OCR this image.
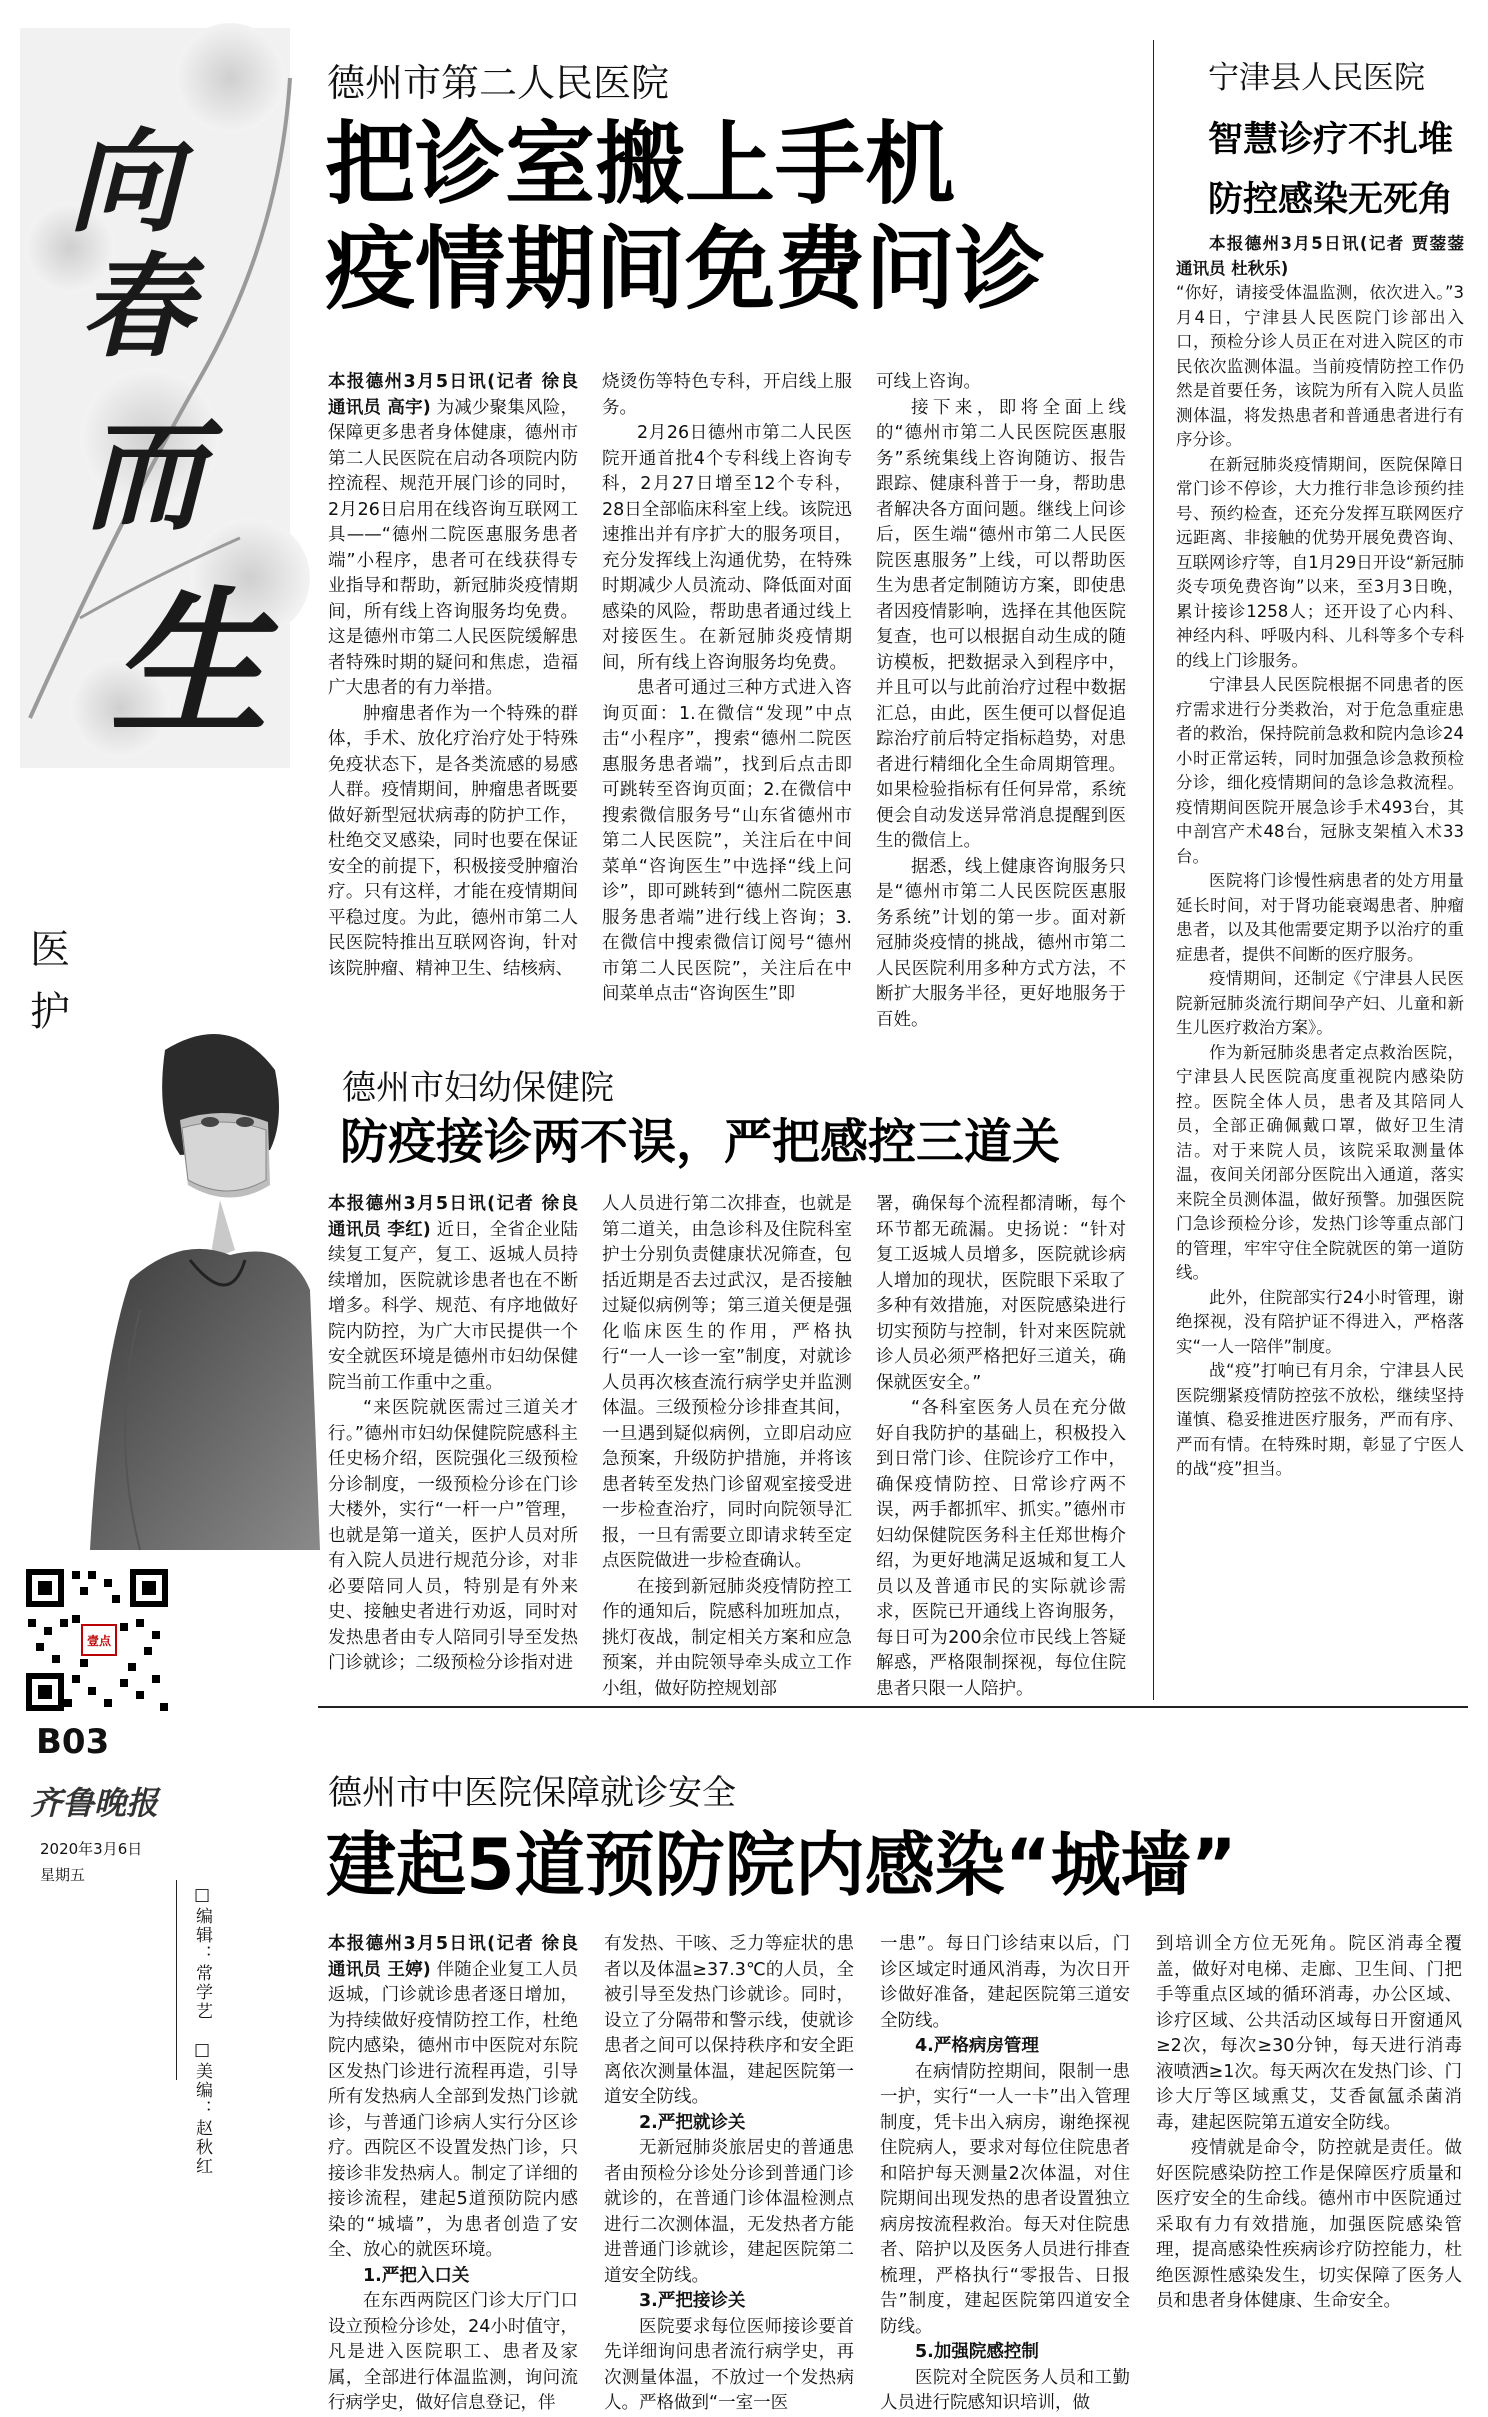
向
春
而
生
医
护
壹点
B03
齐鲁晚报
2020年3月6日
星期五
□编辑：常学艺
□美编：赵秋红
德州市第二人民医院
把诊室搬上手机
疫情期间免费问诊

本报德州3月5日讯(记者 徐良 通讯员 高宇) 为减少聚集风险，保障更多患者身体健康，德州市第二人民医院在启动各项院内防控流程、规范开展门诊的同时，2月26日启用在线咨询互联网工具——“德州二院医惠服务患者端”小程序，患者可在线获得专业指导和帮助，新冠肺炎疫情期间，所有线上咨询服务均免费。这是德州市第二人民医院缓解患者特殊时期的疑问和焦虑，造福广大患者的有力举措。

肿瘤患者作为一个特殊的群体，手术、放化疗治疗处于特殊免疫状态下，是各类流感的易感人群。疫情期间，肿瘤患者既要做好新型冠状病毒的防护工作，杜绝交叉感染，同时也要在保证安全的前提下，积极接受肿瘤治疗。只有这样，才能在疫情期间平稳过度。为此，德州市第二人民医院特推出互联网咨询，针对该院肿瘤、精神卫生、结核病、

烧烫伤等特色专科，开启线上服务。

2月26日德州市第二人民医院开通首批4个专科线上咨询专科，2月27日增至12个专科，28日全部临床科室上线。该院迅速推出并有序扩大的服务项目，充分发挥线上沟通优势，在特殊时期减少人员流动、降低面对面感染的风险，帮助患者通过线上对接医生。在新冠肺炎疫情期间，所有线上咨询服务均免费。

患者可通过三种方式进入咨询页面：1.在微信“发现”中点击“小程序”，搜索“德州二院医惠服务患者端”，找到后点击即可跳转至咨询页面；2.在微信中搜索微信服务号“山东省德州市第二人民医院”，关注后在中间菜单“咨询医生”中选择“线上问诊”，即可跳转到“德州二院医惠服务患者端”进行线上咨询；3.在微信中搜索微信订阅号“德州市第二人民医院”，关注后在中间菜单点击“咨询医生”即

可线上咨询。

接下来，即将全面上线的“德州市第二人民医院医惠服务”系统集线上咨询随访、报告跟踪、健康科普于一身，帮助患者解决各方面问题。继线上问诊后，医生端“德州市第二人民医院医惠服务”上线，可以帮助医生为患者定制随访方案，即使患者因疫情影响，选择在其他医院复查，也可以根据自动生成的随访模板，把数据录入到程序中，并且可以与此前治疗过程中数据汇总，由此，医生便可以督促追踪治疗前后特定指标趋势，对患者进行精细化全生命周期管理。如果检验指标有任何异常，系统便会自动发送异常消息提醒到医生的微信上。

据悉，线上健康咨询服务只是“德州市第二人民医院医惠服务系统”计划的第一步。面对新冠肺炎疫情的挑战，德州市第二人民医院利用多种方式方法，不断扩大服务半径，更好地服务于百姓。

德州市妇幼保健院
防疫接诊两不误，严把感控三道关

本报德州3月5日讯(记者 徐良 通讯员 李红) 近日，全省企业陆续复工复产，复工、返城人员持续增加，医院就诊患者也在不断增多。科学、规范、有序地做好院内防控，为广大市民提供一个安全就医环境是德州市妇幼保健院当前工作重中之重。

“来医院就医需过三道关才行。”德州市妇幼保健院院感科主任史杨介绍，医院强化三级预检分诊制度，一级预检分诊在门诊大楼外，实行“一杆一户”管理，也就是第一道关，医护人员对所有入院人员进行规范分诊，对非必要陪同人员，特别是有外来史、接触史者进行劝返，同时对发热患者由专人陪同引导至发热门诊就诊；二级预检分诊指对进

人人员进行第二次排查，也就是第二道关，由急诊科及住院科室护士分别负责健康状况筛查，包括近期是否去过武汉，是否接触过疑似病例等；第三道关便是强化临床医生的作用，严格执行“一人一诊一室”制度，对就诊人员再次核查流行病学史并监测体温。三级预检分诊排查其间，一旦遇到疑似病例，立即启动应急预案，升级防护措施，并将该患者转至发热门诊留观室接受进一步检查治疗，同时向院领导汇报，一旦有需要立即请求转至定点医院做进一步检查确认。

在接到新冠肺炎疫情防控工作的通知后，院感科加班加点，挑灯夜战，制定相关方案和应急预案，并由院领导牵头成立工作小组，做好防控规划部

署，确保每个流程都清晰，每个环节都无疏漏。史扬说：“针对复工返城人员增多，医院就诊病人增加的现状，医院眼下采取了多种有效措施，对医院感染进行切实预防与控制，针对来医院就诊人员必须严格把好三道关，确保就医安全。”

“各科室医务人员在充分做好自我防护的基础上，积极投入到日常门诊、住院诊疗工作中，确保疫情防控、日常诊疗两不误，两手都抓牢、抓实。”德州市妇幼保健院医务科主任郑世梅介绍，为更好地满足返城和复工人员以及普通市民的实际就诊需求，医院已开通线上咨询服务，每日可为200余位市民线上答疑解惑，严格限制探视，每位住院患者只限一人陪护。

宁津县人民医院
智慧诊疗不扎堆
防控感染无死角

本报德州3月5日讯(记者 贾蓥蓥 通讯员 杜秋乐)

“你好，请接受体温监测，依次进入。”3月4日，宁津县人民医院门诊部出入口，预检分诊人员正在对进入院区的市民依次监测体温。当前疫情防控工作仍然是首要任务，该院为所有入院人员监测体温，将发热患者和普通患者进行有序分诊。

在新冠肺炎疫情期间，医院保障日常门诊不停诊，大力推行非急诊预约挂号、预约检查，还充分发挥互联网医疗远距离、非接触的优势开展免费咨询、互联网诊疗等，自1月29日开设“新冠肺炎专项免费咨询”以来，至3月3日晚，累计接诊1258人；还开设了心内科、神经内科、呼吸内科、儿科等多个专科的线上门诊服务。

宁津县人民医院根据不同患者的医疗需求进行分类救治，对于危急重症患者的救治，保持院前急救和院内急诊24小时正常运转，同时加强急诊急救预检分诊，细化疫情期间的急诊急救流程。疫情期间医院开展急诊手术493台，其中剖宫产术48台，冠脉支架植入术33台。

医院将门诊慢性病患者的处方用量延长时间，对于肾功能衰竭患者、肿瘤患者，以及其他需要定期予以治疗的重症患者，提供不间断的医疗服务。

疫情期间，还制定《宁津县人民医院新冠肺炎流行期间孕产妇、儿童和新生儿医疗救治方案》。

作为新冠肺炎患者定点救治医院，宁津县人民医院高度重视院内感染防控。医院全体人员，患者及其陪同人员，全部正确佩戴口罩，做好卫生清洁。对于来院人员，该院采取测量体温，夜间关闭部分医院出入通道，落实来院全员测体温，做好预警。加强医院门急诊预检分诊，发热门诊等重点部门的管理，牢牢守住全院就医的第一道防线。

此外，住院部实行24小时管理，谢绝探视，没有陪护证不得进入，严格落实“一人一陪伴”制度。

战“疫”打响已有月余，宁津县人民医院绷紧疫情防控弦不放松，继续坚持谨慎、稳妥推进医疗服务，严而有序、严而有情。在特殊时期，彰显了宁医人的战“疫”担当。

德州市中医院保障就诊安全
建起5道预防院内感染“城墙”

本报德州3月5日讯(记者 徐良 通讯员 王婷) 伴随企业复工人员返城，门诊就诊患者逐日增加，为持续做好疫情防控工作，杜绝院内感染，德州市中医院对东院区发热门诊进行流程再造，引导所有发热病人全部到发热门诊就诊，与普通门诊病人实行分区诊疗。西院区不设置发热门诊，只接诊非发热病人。制定了详细的接诊流程，建起5道预防院内感染的“城墙”，为患者创造了安全、放心的就医环境。

1.严把入口关

在东西两院区门诊大厅门口设立预检分诊处，24小时值守，凡是进入医院职工、患者及家属，全部进行体温监测，询问流行病学史，做好信息登记，伴

有发热、干咳、乏力等症状的患者以及体温≥37.3℃的人员，全被引导至发热门诊就诊。同时，设立了分隔带和警示线，使就诊患者之间可以保持秩序和安全距离依次测量体温，建起医院第一道安全防线。

2.严把就诊关

无新冠肺炎旅居史的普通患者由预检分诊处分诊到普通门诊就诊的，在普通门诊体温检测点进行二次测体温，无发热者方能进普通门诊就诊，建起医院第二道安全防线。

3.严把接诊关

医院要求每位医师接诊要首先详细询问患者流行病学史，再次测量体温，不放过一个发热病人。严格做到“一室一医

一患”。每日门诊结束以后，门诊区域定时通风消毒，为次日开诊做好准备，建起医院第三道安全防线。

4.严格病房管理

在病情防控期间，限制一患一护，实行“一人一卡”出入管理制度，凭卡出入病房，谢绝探视住院病人，要求对每位住院患者和陪护每天测量2次体温，对住院期间出现发热的患者设置独立病房按流程救治。每天对住院患者、陪护以及医务人员进行排查梳理，严格执行“零报告、日报告”制度，建起医院第四道安全防线。

5.加强院感控制

医院对全院医务人员和工勤人员进行院感知识培训，做

到培训全方位无死角。院区消毒全覆盖，做好对电梯、走廊、卫生间、门把手等重点区域的循环消毒，办公区域、诊疗区域、公共活动区域每日开窗通风≥2次，每次≥30分钟，每天进行消毒液喷洒≥1次。每天两次在发热门诊、门诊大厅等区域熏艾，艾香氤氲杀菌消毒，建起医院第五道安全防线。

疫情就是命令，防控就是责任。做好医院感染防控工作是保障医疗质量和医疗安全的生命线。德州市中医院通过采取有力有效措施，加强医院感染管理，提高感染性疾病诊疗防控能力，杜绝医源性感染发生，切实保障了医务人员和患者身体健康、生命安全。
